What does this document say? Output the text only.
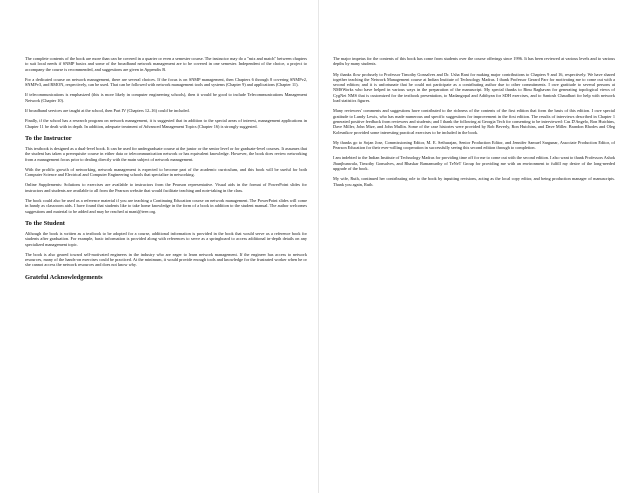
The complete contents of the book are more than can be covered in a quarter or even a semester course. The instructor may do a "mix and match" between chapters to suit local needs if SNMP basics and some of the broadband network management are to be covered in one semester. Independent of the choice, a project to accompany the course is recommended, and suggestions are given in Appendix B.

For a dedicated course on network management, there are several choices. If the focus is on SNMP management, then Chapters 6 through 8 covering SNMPv2, SNMPv3, and RMON, respectively, can be used. That can be followed with network management tools and systems (Chapter 9) and applications (Chapter 11).

If telecommunications is emphasized (this is more likely in computer engineering schools), then it would be good to include Telecommunications Management Network (Chapter 10).

If broadband services are taught at the school, then Part IV (Chapters 12–16) could be included.

Finally, if the school has a research program on network management, it is suggested that in addition to the special areas of interest, management applications in Chapter 11 be dealt with in depth. In addition, adequate treatment of Advanced Management Topics (Chapter 16) is strongly suggested.

To the Instructor

This textbook is designed as a dual-level book. It can be used for undergraduate course at the junior or the senior level or for graduate-level courses. It assumes that the student has taken a prerequisite course in either data or telecommunication network or has equivalent knowledge. However, the book does review networking from a management focus prior to dealing directly with the main subject of network management.

With the prolific growth of networking, network management is expected to become part of the academic curriculum, and this book will be useful for both Computer Science and Electrical and Computer Engineering schools that specialize in networking.

Online Supplements: Solutions to exercises are available to instructors from the Pearson representative. Visual aids in the format of PowerPoint slides for instructors and students are available to all from the Pearson website that would facilitate teaching and note-taking in the class.

The book could also be used as a reference material if you are teaching a Continuing Education course on network management. The PowerPoint slides will come in handy as classroom aids. I have found that students like to take home knowledge in the form of a book in addition to the student manual. The author welcomes suggestions and material to be added and may be reached at mani@ieee.org.

To the Student

Although the book is written as a textbook to be adopted for a course, additional information is provided in the book that would serve as a reference book for students after graduation. For example, basic information is provided along with references to serve as a springboard to access additional in-depth details on any specialized management topic.

The book is also geared toward self-motivated engineers in the industry who are eager to learn network management. If the engineer has access to network resources, many of the hands-on exercises could be practiced. At the minimum, it would provide enough tools and knowledge for the frustrated worker when he or she cannot access the network resources and does not know why.

Grateful Acknowledgements

The major impetus for the contents of this book has come from students over the course offerings since 1996. It has been reviewed at various levels and to various depths by many students.

My thanks flow profusely to Professor Timothy Gonsalves and Dr. Usha Rani for making major contributions to Chapters 9 and 16, respectively. We have shared together teaching the Network Management course at Indian Institute of Technology Madras. I thank Professor Gerard Parr for motivating me to come out with a second edition; and it is unfortunate that he could not participate as a contributing author due to other commitments. I owe gratitude to several persons at NMSWorks who have helped in various ways in the preparation of the manuscript. My special thanks to Binu Raghavan for generating topological views of CygNet NMS that is customized for the textbook presentation, to Madangopal and Adithyan for SDH exercises, and to Santosh Chaudhari for help with network load statistics figures.

Many reviewers' comments and suggestions have contributed to the richness of the contents of the first edition that form the basis of this edition. I owe special gratitude to Lundy Lewis, who has made numerous and specific suggestions for improvement in the first edition. The results of interviews described in Chapter 1 generated positive feedback from reviewers and students; and I thank the following at Georgia Tech for consenting to be interviewed: Cas D'Angelo, Ron Hutchins, Dave Miller, John Mize, and John Mullin. Some of the case histories were provided by Rob Beverly, Ron Hutchins, and Dave Miller. Brandon Rhodes and Oleg Kolesnikov provided some interesting practical exercises to be included in the book.

My thanks go to Sojan Jose, Commissioning Editor, M. E. Sethurajan, Senior Production Editor, and Jennifer Samuel Sargunar, Associate Production Editor, of Pearson Education for their ever-willing cooperation in successfully seeing this second edition through to completion.

I am indebted to the Indian Institute of Technology Madras for providing time off for me to come out with the second edition. I also want to thank Professors Ashok Jhunjhunwala, Timothy Gonsalves, and Bhaskar Ramamurthy of TeNeT Group for providing me with an environment to fulfill my desire of the long-needed upgrade of the book.

My wife, Ruth, continued her contributing role to the book by inputting revisions, acting as the local copy editor, and being production manager of manuscripts. Thank you again, Ruth.
